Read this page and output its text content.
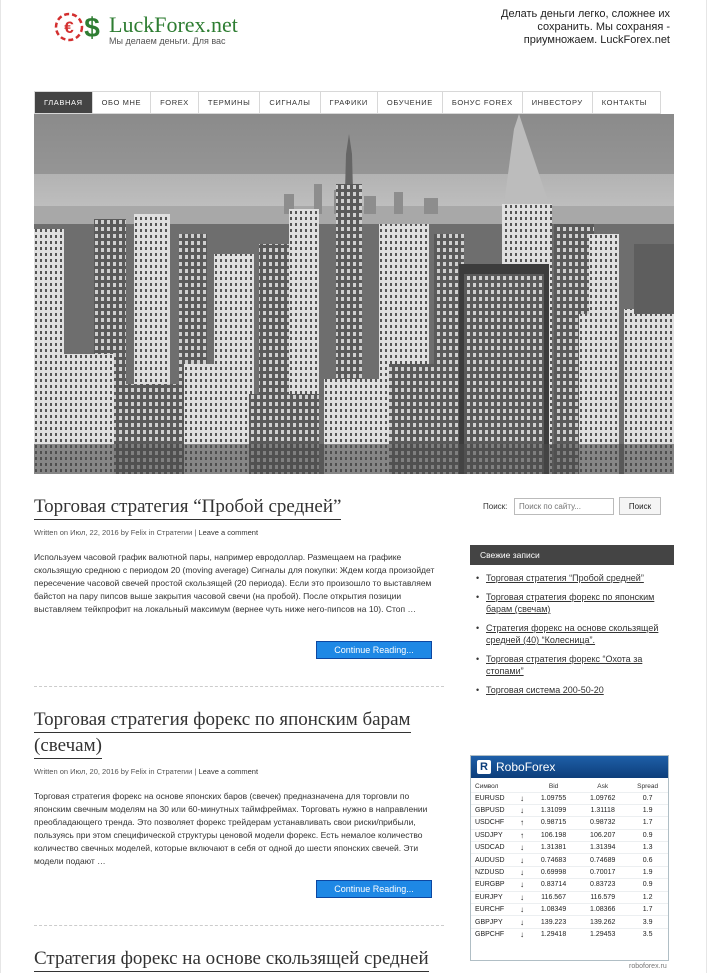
€ $ LuckForex.net
Мы делаем деньги. Для вас
Делать деньги легко, сложнее их сохранить. Мы сохраняя - приумножаем. LuckForex.net
ГЛАВНАЯ	ОБО МНЕ	FOREX	ТЕРМИНЫ	СИГНАЛЫ	ГРАФИКИ	ОБУЧЕНИЕ	БОНУС FOREX	ИНВЕСТОРУ	КОНТАКТЫ
Торговая стратегия “Пробой средней”
Written on Июл, 22, 2016 by Felix in Стратегии | Leave a comment
Используем часовой график валютной пары, например евродоллар. Размещаем на графике скользящую среднюю с периодом 20 (moving average) Сигналы для покупки: Ждем когда произойдет пересечение часовой свечей простой скользящей (20 периода). Если это произошло то выставляем байстоп на пару пипсов выше закрытия часовой свечи (на пробой). После открытия позиции выставляем тейкпрофит на локальный максимум (вернее чуть ниже него-пипсов на 10). Стоп …
Continue Reading...
Торговая стратегия форекс по японским барам (свечам)
Written on Июл, 20, 2016 by Felix in Стратегии | Leave a comment
Торговая стратегия форекс на основе японских баров (свечек) предназначена для торговли по японским свечным моделям на 30 или 60-минутных таймфреймах. Торговать нужно в направлении преобладающего тренда. Это позволяет форекс трейдерам устанавливать свои риски/прибыли, пользуясь при этом специфической структуры ценовой модели форекс. Есть немалое количество количество свечных моделей, которые включают в себя от одной до шести японских свечей. Эти модели подают …
Continue Reading...
Стратегия форекс на основе скользящей средней
Поиск:
Поиск по сайту...	Поиск
Свежие записи
• Торговая стратегия “Пробой средней”
• Торговая стратегия форекс по японским барам (свечам)
• Стратегия форекс на основе скользящей средней (40) “Колесница”.
• Торговая стратегия форекс “Охота за стопами”
• Торговая система 200-50-20
R RoboForex
Символ		Bid	Ask	Spread
EURUSD	↓	1.09755	1.09762	0.7
GBPUSD	↓	1.31099	1.31118	1.9
USDCHF	↑	0.98715	0.98732	1.7
USDJPY	↑	106.198	106.207	0.9
USDCAD	↓	1.31381	1.31394	1.3
AUDUSD	↓	0.74683	0.74689	0.6
NZDUSD	↓	0.69998	0.70017	1.9
EURGBP	↓	0.83714	0.83723	0.9
EURJPY	↓	116.567	116.579	1.2
EURCHF	↓	1.08349	1.08366	1.7
GBPJPY	↓	139.223	139.262	3.9
GBPCHF	↓	1.29418	1.29453	3.5
roboforex.ru
